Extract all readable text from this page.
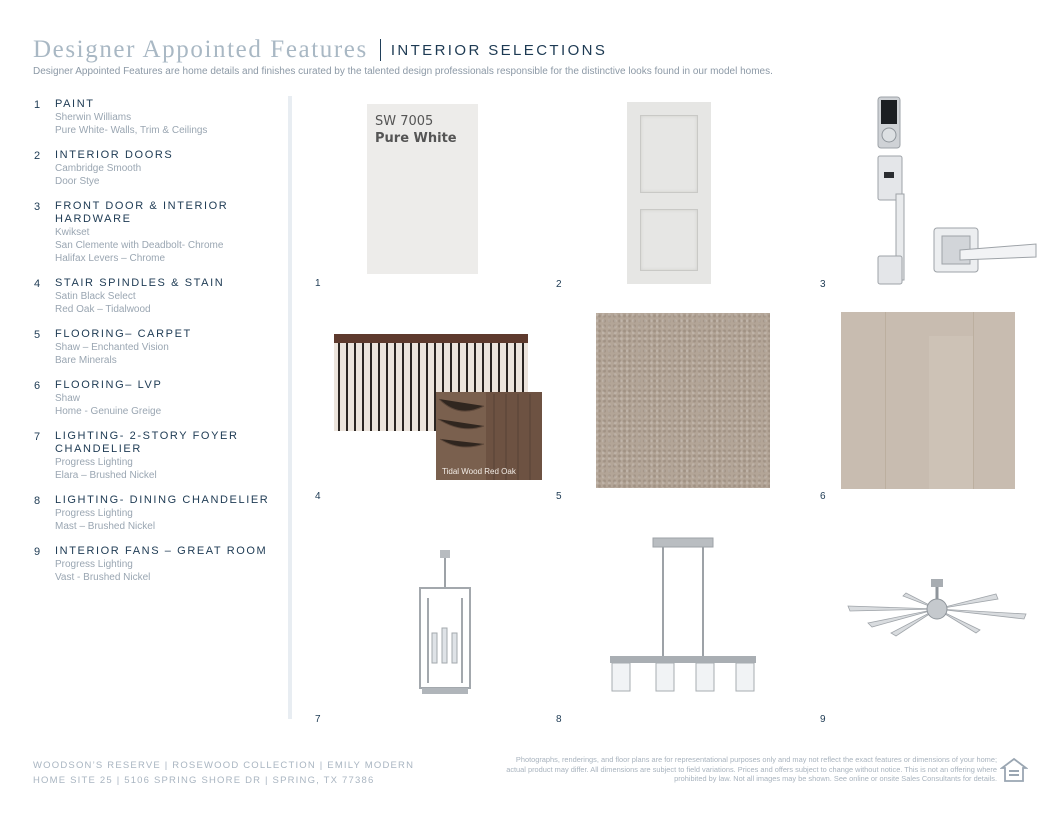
Designer Appointed Features INTERIOR SELECTIONS
Designer Appointed Features are home details and finishes curated by the talented design professionals responsible for the distinctive looks found in our model homes.
1	PAINT
Sherwin Williams
Pure White- Walls, Trim & Ceilings
2	INTERIOR DOORS
Cambridge Smooth
Door Stye
3	FRONT DOOR & INTERIOR HARDWARE
Kwikset
San Clemente with Deadbolt- Chrome
Halifax Levers – Chrome
4	STAIR SPINDLES & STAIN
Satin Black Select
Red Oak – Tidalwood
5	FLOORING– CARPET
Shaw – Enchanted Vision
Bare Minerals
6	FLOORING– LVP
Shaw
Home - Genuine Greige
7	LIGHTING- 2-STORY FOYER CHANDELIER
Progress Lighting
Elara – Brushed Nickel
8	LIGHTING- DINING CHANDELIER
Progress Lighting
Mast – Brushed Nickel
9	INTERIOR FANS – GREAT ROOM
Progress Lighting
Vast - Brushed Nickel
SW 7005
Pure White
Tidal Wood Red Oak
1	2	3
4	5	6
7	8	9
WOODSON’S RESERVE | ROSEWOOD COLLECTION | EMILY MODERN
HOME SITE 25 | 5106 SPRING SHORE DR | SPRING, TX 77386
Photographs, renderings, and floor plans are for representational purposes only and may not reflect the exact features or dimensions of your home; actual product may differ. All dimensions are subject to field variations. Prices and offers subject to change without notice. This is not an offering where prohibited by law. Not all images may be shown. See online or onsite Sales Consultants for details.
